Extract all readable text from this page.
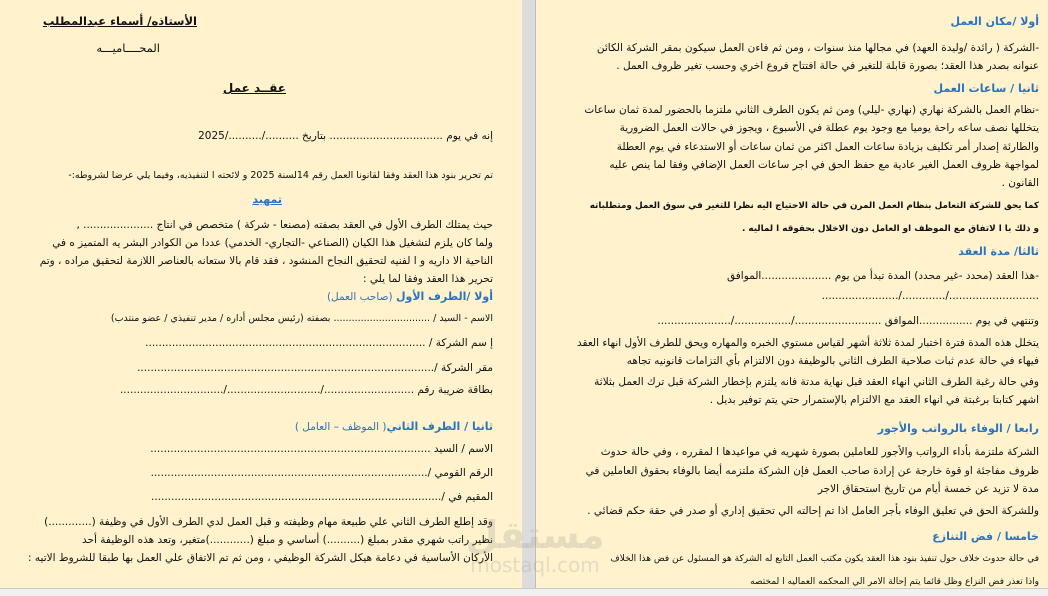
الأستاذه/ أسماء عبدالمطلب
المحــــاميـــه
عقــد عمل
إنه في يوم .................................. بتاريخ ........../........../2025
تم تحرير بنود هذا العقد وفقا لقانونا العمل رقم 14لسنة 2025 و لائحته ا لتنفيذيه، وفيما يلي عرضا لشروطه:-
تمهيد
حيث يمتلك الطرف الأول في العقد بصفته (مصنعا - شركة ) متخصص في انتاج ..................... ,
ولما كان يلزم لتشغيل هذا الكيان (الصناعي -التجاري- الخدمي) عددا من الكوادر البشر يه المتميز ه في
الناحية الا داريه و ا لفنيه لتحقيق النجاح المنشود ، فقد قام بالا ستعانه بالعناصر اللازمة لتحقيق مراده ، وتم
تحرير هذا العقد وفقا لما يلي :
أولا /الطرف الأول (صاحب العمل)
الاسم - السيد / ................................ بصفته (رئيس مجلس أداره / مدير تنفيذي / عضو منتدب)
إ سم الشركة / ....................................................................................
مقر الشركة /.........................................................................................
بطاقة ضريبة رقم .........................../............................/...............................
ثانيا / الطرف الثاني( الموظف – العامل )
الاسم / السيد ....................................................................................
الرقم القومي /...................................................................................
المقيم في /.......................................................................................
وقد إطلع الطرف الثاني علي طبيعة مهام وظيفته و قبل العمل لدي الطرف الأول في وظيفة (.............)
نظير راتب شهري مقدر بمبلغ (..........) أساسي و مبلغ (............)متغير، وتعد هذه الوظيفة أحد
الأركان الأساسية في دعامة هيكل الشركة الوظيفي ، ومن ثم تم الاتفاق علي العمل بها طبقا للشروط الاتيه :
أولا /مكان العمل
-الشركة ( رائدة /وليدة العهد) في مجالها منذ سنوات ، ومن ثم فاءن العمل سيكون بمقر الشركة الكائن
عنوانه بصدر هذا العقد؛ بصورة قابلة للتغير في حالة افتتاح فروع اخري وحسب تغير ظروف العمل .
ثانيا / ساعات العمل
-نظام العمل بالشركة نهاري (نهاري -ليلي) ومن ثم يكون الطرف الثاني ملتزما بالحضور لمدة ثمان ساعات
يتخللها نصف ساعه راحة يوميا مع وجود يوم عطلة في الأسبوع ، ويجوز في حالات العمل الضرورية
والطارئة إصدار أمر تكليف بزيادة ساعات العمل اكثر من ثمان ساعات أو الاستدعاء في يوم العطلة
لمواجهة ظروف العمل الغير عادية مع حفظ الحق في اجر ساعات العمل الإضافي وفقا لما ينص عليه
القانون .
كما يحق للشركة التعامل بنظام العمل المرن في حالة الاحتياج اليه نظرا للتغير في سوق العمل ومتطلباته
و ذلك با ا لاتفاق مع الموظف او العامل دون الاخلال بحقوقه ا لماليه .
ثالثا/ مدة العقد
-هذا العقد (محدد -غير محدد) المدة تبدأ من يوم .....................الموافق
.........................../............./.......................
وتنتهي في يوم ................الموافق ........................../................./......................
يتخلل هذه المدة فترة اختبار لمدة ثلاثة أشهر لقياس مستوي الخبره والمهاره ويحق للطرف الأول انهاء العقد
فيهاء في حالة عدم ثبات صلاحية الطرف الثاني بالوظيفة دون الالتزام بأي التزامات قانونيه تجاهه
وفي حالة رغبة الطرف الثاني انهاء العقد قبل نهاية مدتة فانه يلتزم بإخطار الشركة قبل ترك العمل بثلاثة
اشهر كتابتا برغبتة في انهاء العقد مع الالتزام بالإستمرار حتي يتم توفير بديل .
رابعا / الوفاء بالرواتب والأجور
الشركة ملتزمة بأداء الرواتب والأجور للعاملين بصورة شهريه في مواعيدها ا لمقرره ، وفي حالة حدوث
ظروف مفاجئة او قوة خارجة عن إرادة صاحب العمل فإن الشركة ملتزمه أيضا بالوفاء بحقوق العاملين في
مدة لا تزيد عن خمسة أيام من تاريخ استحقاق الاجر
وللشركة الحق في تعليق الوفاء بأجر العامل اذا تم إحالته الي تحقيق إداري أو صدر في حقة حكم قضائي .
خامسا / فض التنازع
في حالة حدوث خلاف حول تنفيذ بنود هذا العقد يكون مكتب العمل التابع له الشركة هو المسئول عن فض هذا الخلاف
واذا تعذر فض النزاع وظل قائما يتم إحالة الامر الي المحكمه العماليه ا لمختصه
مستقل
mostaql.com
